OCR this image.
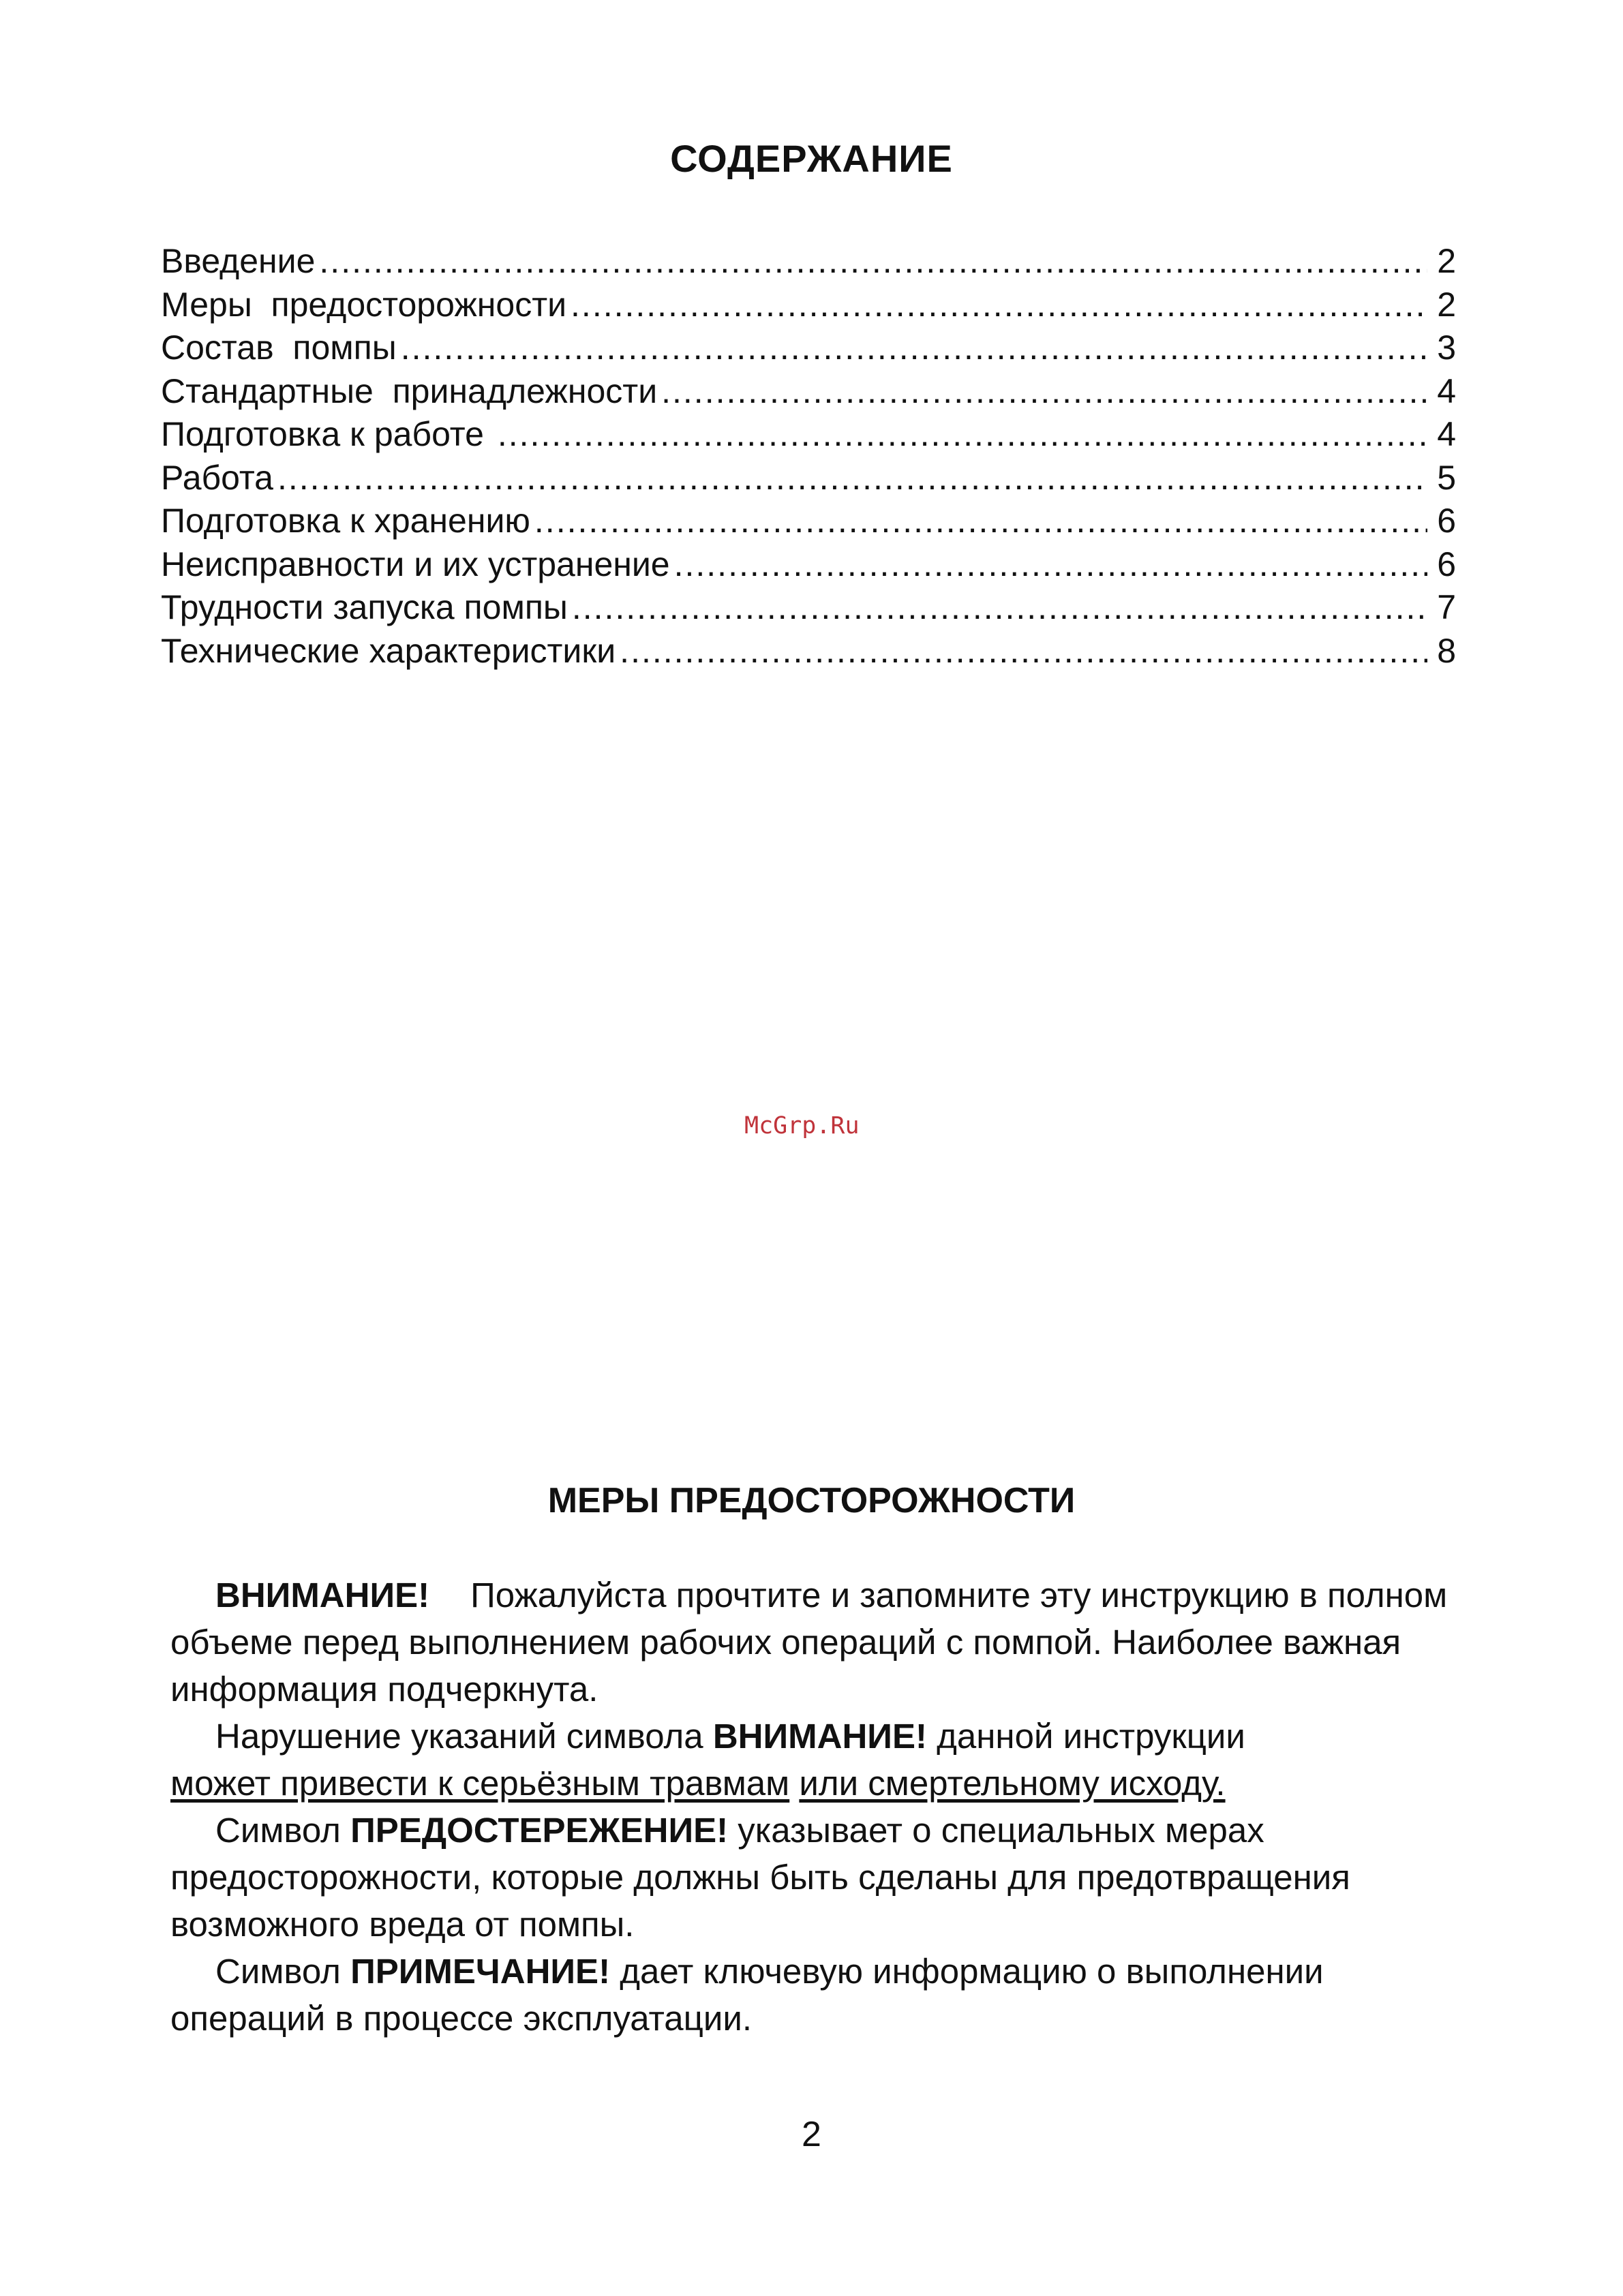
СОДЕРЖАНИЕ
Введение .....	2
Меры  предосторожности .....	2
Состав  помпы .....	3
Стандартные  принадлежности .....	4
Подготовка к работе .....	4
Работа .....	5
Подготовка к хранению .....	6
Неисправности и их устранение .....	6
Трудности запуска помпы .....	7
Технические характеристики .....	8
McGrp.Ru
МЕРЫ ПРЕДОСТОРОЖНОСТИ

ВНИМАНИЕ! Пожалуйста прочтите и запомните эту инструкцию в полном объеме перед выполнением рабочих операций с помпой. Наиболее важная информация подчеркнута.

Нарушение указаний символа ВНИМАНИЕ! данной инструкции
может привести к серьёзным травмам или смертельному исходу.

Символ ПРЕДОСТЕРЕЖЕНИЕ! указывает о специальных мерах предосторожности, которые должны быть сделаны для предотвращения возможного вреда от помпы.

Символ ПРИМЕЧАНИЕ! дает ключевую информацию о выполнении операций в процессе эксплуатации.

2
